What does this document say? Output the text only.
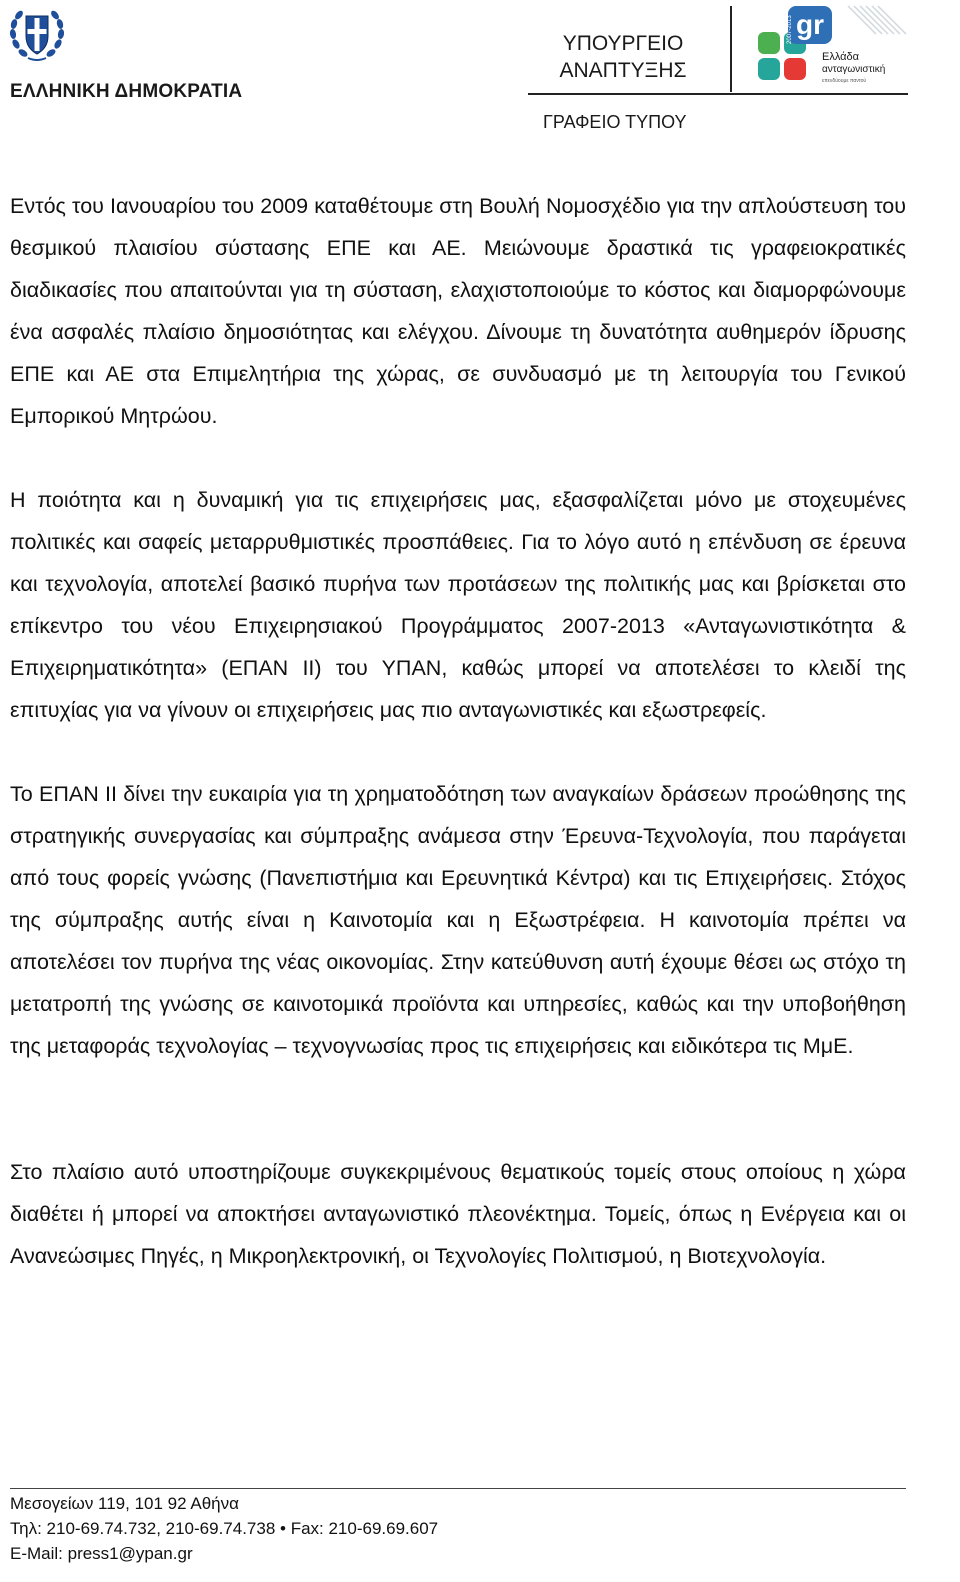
ΕΛΛΗΝΙΚΗ ΔΗΜΟΚΡΑΤΙΑ
ΥΠΟΥΡΓΕΙΟ
ΑΝΑΠΤΥΞΗΣ
ΓΡΑΦΕΙΟ ΤΥΠΟΥ
gr
2007-2013
Ελλάδα
ανταγωνιστική
επενδύουμε παντού

Εντός του Ιανουαρίου του 2009 καταθέτουμε στη Βουλή Νομοσχέδιο για την απλούστευση του θεσμικού πλαισίου σύστασης ΕΠΕ και ΑΕ. Μειώνουμε δραστικά τις γραφειοκρατικές διαδικασίες που απαιτούνται για τη σύσταση, ελαχιστοποιούμε το κόστος και διαμορφώνουμε ένα ασφαλές πλαίσιο δημοσιότητας και ελέγχου. Δίνουμε τη δυνατότητα αυθημερόν ίδρυσης ΕΠΕ και ΑΕ στα Επιμελητήρια της χώρας, σε συνδυασμό με τη λειτουργία του Γενικού Εμπορικού Μητρώου.

Η ποιότητα και η δυναμική για τις επιχειρήσεις μας, εξασφαλίζεται μόνο με στοχευμένες πολιτικές και σαφείς μεταρρυθμιστικές προσπάθειες. Για το λόγο αυτό η επένδυση σε έρευνα και τεχνολογία, αποτελεί βασικό πυρήνα των προτάσεων της πολιτικής μας και βρίσκεται στο επίκεντρο του νέου Επιχειρησιακού Προγράμματος 2007-2013 «Ανταγωνιστικότητα & Επιχειρηματικότητα» (ΕΠΑΝ ΙΙ) του ΥΠΑΝ, καθώς μπορεί να αποτελέσει το κλειδί της επιτυχίας για να γίνουν οι επιχειρήσεις μας πιο ανταγωνιστικές και εξωστρεφείς.

Το ΕΠΑΝ ΙΙ δίνει την ευκαιρία για τη χρηματοδότηση των αναγκαίων δράσεων προώθησης της στρατηγικής συνεργασίας και σύμπραξης ανάμεσα στην Έρευνα-Τεχνολογία, που παράγεται από τους φορείς γνώσης (Πανεπιστήμια και Ερευνητικά Κέντρα) και τις Επιχειρήσεις. Στόχος της σύμπραξης αυτής είναι η Καινοτομία και η Εξωστρέφεια. Η καινοτομία πρέπει να αποτελέσει τον πυρήνα της νέας οικονομίας. Στην κατεύθυνση αυτή έχουμε θέσει ως στόχο τη μετατροπή της γνώσης σε καινοτομικά προϊόντα και υπηρεσίες, καθώς και την υποβοήθηση της μεταφοράς τεχνολογίας – τεχνογνωσίας προς τις επιχειρήσεις και ειδικότερα τις ΜμΕ.

Στο πλαίσιο αυτό υποστηρίζουμε συγκεκριμένους θεματικούς τομείς στους οποίους η χώρα διαθέτει ή μπορεί να αποκτήσει ανταγωνιστικό πλεονέκτημα. Τομείς, όπως η Ενέργεια και οι Ανανεώσιμες Πηγές, η Μικροηλεκτρονική, οι Τεχνολογίες Πολιτισμού, η Βιοτεχνολογία.

Μεσογείων 119, 101 92 Αθήνα
Τηλ: 210-69.74.732, 210-69.74.738 • Fax: 210-69.69.607
E-Mail: press1@ypan.gr
